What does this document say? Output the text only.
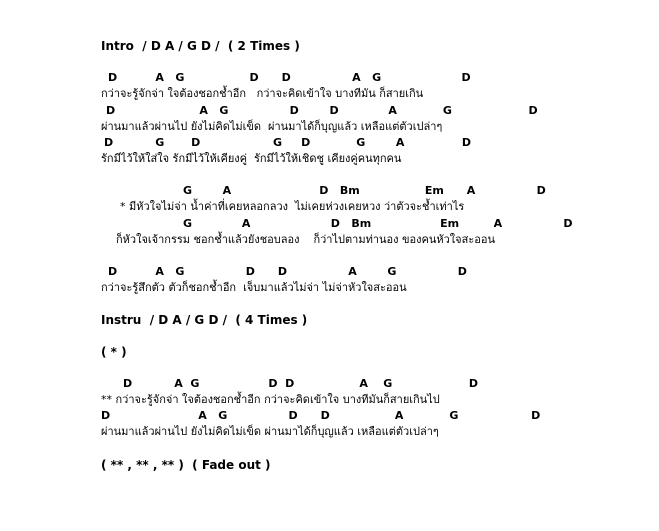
Intro  / D A / G D /  ( 2 Times )
D          A   G                 D      D                A   G                     D
กว่าจะรู้จักจ่า ใจต้องชอกช้ำอีก   กว่าจะคิดเข้าใจ บางทีมัน ก็สายเกิน
D                      A   G                D        D             A            G                    D
ผ่านมาแล้วผ่านไป ยังไม่คิดไม่เข็ด  ผ่านมาได้ก็บุญแล้ว เหลือแต่ตัวเปล่าๆ
D           G       D                   G     D            G        A               D
รักมีไว้ให้ใส่ใจ รักมีไว้ให้เคียงคู่  รักมีไว้ให้เชิดชู เคียงคู่คนทุกคน
G        A                       D   Bm                 Em      A                D
* มีหัวใจไม่จ่า น้ำค่าที่เคยหลอกลวง  ไม่เคยห่วงเคยหวง ว่าตัวจะช้ำเท่าไร
G             A                     D   Bm                  Em         A                D
ก็หัวใจเจ้ากรรม ชอกช้ำแล้วยังชอบลอง    ก็ว่าไปตามท่านอง ของคนหัวใจสะออน
D          A   G                D      D                A        G                D
กว่าจะรู้สึกตัว ตัวก็ชอกช้ำอีก  เจ็บมาแล้วไม่จ่า ไม่จ่าหัวใจสะออน
Instru  / D A / G D /  ( 4 Times )
( * )
D           A  G                  D  D                 A    G                    D
** กว่าจะรู้จักจ่า ใจต้องชอกช้ำอีก กว่าจะคิดเข้าใจ บางทีมันก็สายเกินไป
D                       A   G                D      D                 A            G                   D
ผ่านมาแล้วผ่านไป ยังไม่คิดไม่เข็ด ผ่านมาได้ก็บุญแล้ว เหลือแต่ตัวเปล่าๆ
( ** , ** , ** )  ( Fade out )
